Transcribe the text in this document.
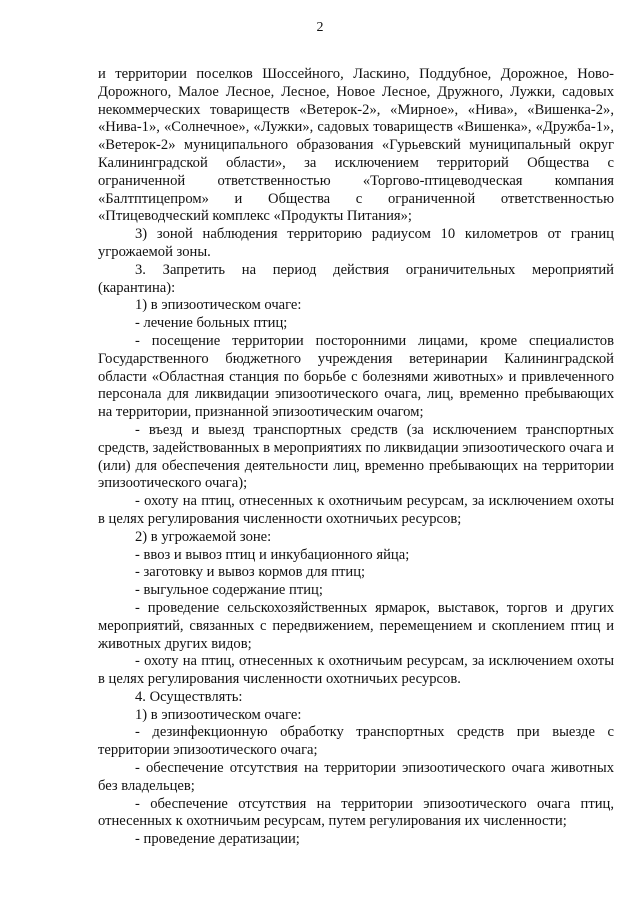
2

и территории поселков Шоссейного, Ласкино, Поддубное, Дорожное, Ново-Дорожного, Малое Лесное, Лесное, Новое Лесное, Дружного, Лужки, садовых некоммерческих товариществ «Ветерок-2», «Мирное», «Нива», «Вишенка-2», «Нива-1», «Солнечное», «Лужки», садовых товариществ «Вишенка», «Дружба-1», «Ветерок-2» муниципального образования «Гурьевский муниципальный округ Калининградской области», за исключением территорий Общества с ограниченной ответственностью «Торгово-птицеводческая компания «Балтптицепром» и Общества с ограниченной ответственностью «Птицеводческий комплекс «Продукты Питания»;

3) зоной наблюдения территорию радиусом 10 километров от границ угрожаемой зоны.

3. Запретить на период действия ограничительных мероприятий (карантина):

1) в эпизоотическом очаге:

- лечение больных птиц;

- посещение территории посторонними лицами, кроме специалистов Государственного бюджетного учреждения ветеринарии Калининградской области «Областная станция по борьбе с болезнями животных» и привлеченного персонала для ликвидации эпизоотического очага, лиц, временно пребывающих на территории, признанной эпизоотическим очагом;

- въезд и выезд транспортных средств (за исключением транспортных средств, задействованных в мероприятиях по ликвидации эпизоотического очага и (или) для обеспечения деятельности лиц, временно пребывающих на территории эпизоотического очага);

- охоту на птиц, отнесенных к охотничьим ресурсам, за исключением охоты в целях регулирования численности охотничьих ресурсов;

2) в угрожаемой зоне:

- ввоз и вывоз птиц и инкубационного яйца;

- заготовку и вывоз кормов для птиц;

- выгульное содержание птиц;

- проведение сельскохозяйственных ярмарок, выставок, торгов и других мероприятий, связанных с передвижением, перемещением и скоплением птиц и животных других видов;

- охоту на птиц, отнесенных к охотничьим ресурсам, за исключением охоты в целях регулирования численности охотничьих ресурсов.

4. Осуществлять:

1) в эпизоотическом очаге:

- дезинфекционную обработку транспортных средств при выезде с территории эпизоотического очага;

- обеспечение отсутствия на территории эпизоотического очага животных без владельцев;

- обеспечение отсутствия на территории эпизоотического очага птиц, отнесенных к охотничьим ресурсам, путем регулирования их численности;

- проведение дератизации;
